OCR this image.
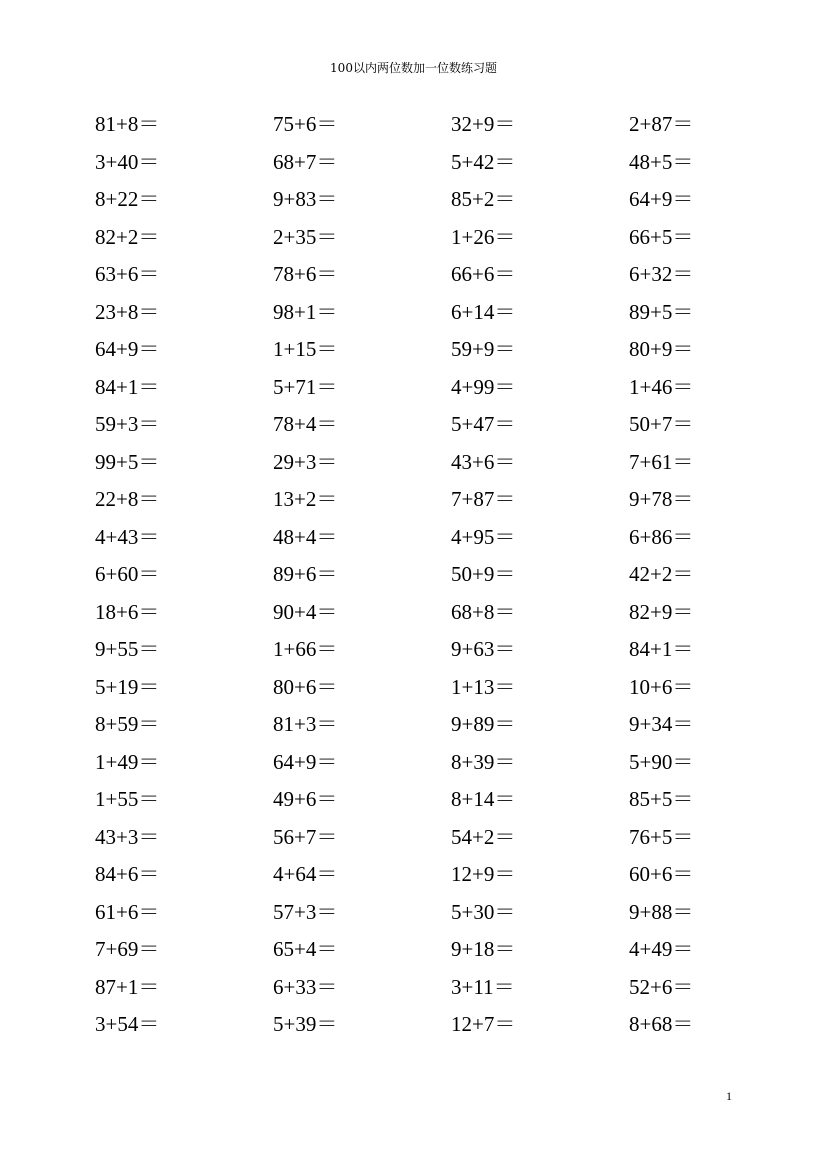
100以内两位数加一位数练习题
81+8＝	75+6＝	32+9＝	2+87＝
3+40＝	68+7＝	5+42＝	48+5＝
8+22＝	9+83＝	85+2＝	64+9＝
82+2＝	2+35＝	1+26＝	66+5＝
63+6＝	78+6＝	66+6＝	6+32＝
23+8＝	98+1＝	6+14＝	89+5＝
64+9＝	1+15＝	59+9＝	80+9＝
84+1＝	5+71＝	4+99＝	1+46＝
59+3＝	78+4＝	5+47＝	50+7＝
99+5＝	29+3＝	43+6＝	7+61＝
22+8＝	13+2＝	7+87＝	9+78＝
4+43＝	48+4＝	4+95＝	6+86＝
6+60＝	89+6＝	50+9＝	42+2＝
18+6＝	90+4＝	68+8＝	82+9＝
9+55＝	1+66＝	9+63＝	84+1＝
5+19＝	80+6＝	1+13＝	10+6＝
8+59＝	81+3＝	9+89＝	9+34＝
1+49＝	64+9＝	8+39＝	5+90＝
1+55＝	49+6＝	8+14＝	85+5＝
43+3＝	56+7＝	54+2＝	76+5＝
84+6＝	4+64＝	12+9＝	60+6＝
61+6＝	57+3＝	5+30＝	9+88＝
7+69＝	65+4＝	9+18＝	4+49＝
87+1＝	6+33＝	3+11＝	52+6＝
3+54＝	5+39＝	12+7＝	8+68＝
1
